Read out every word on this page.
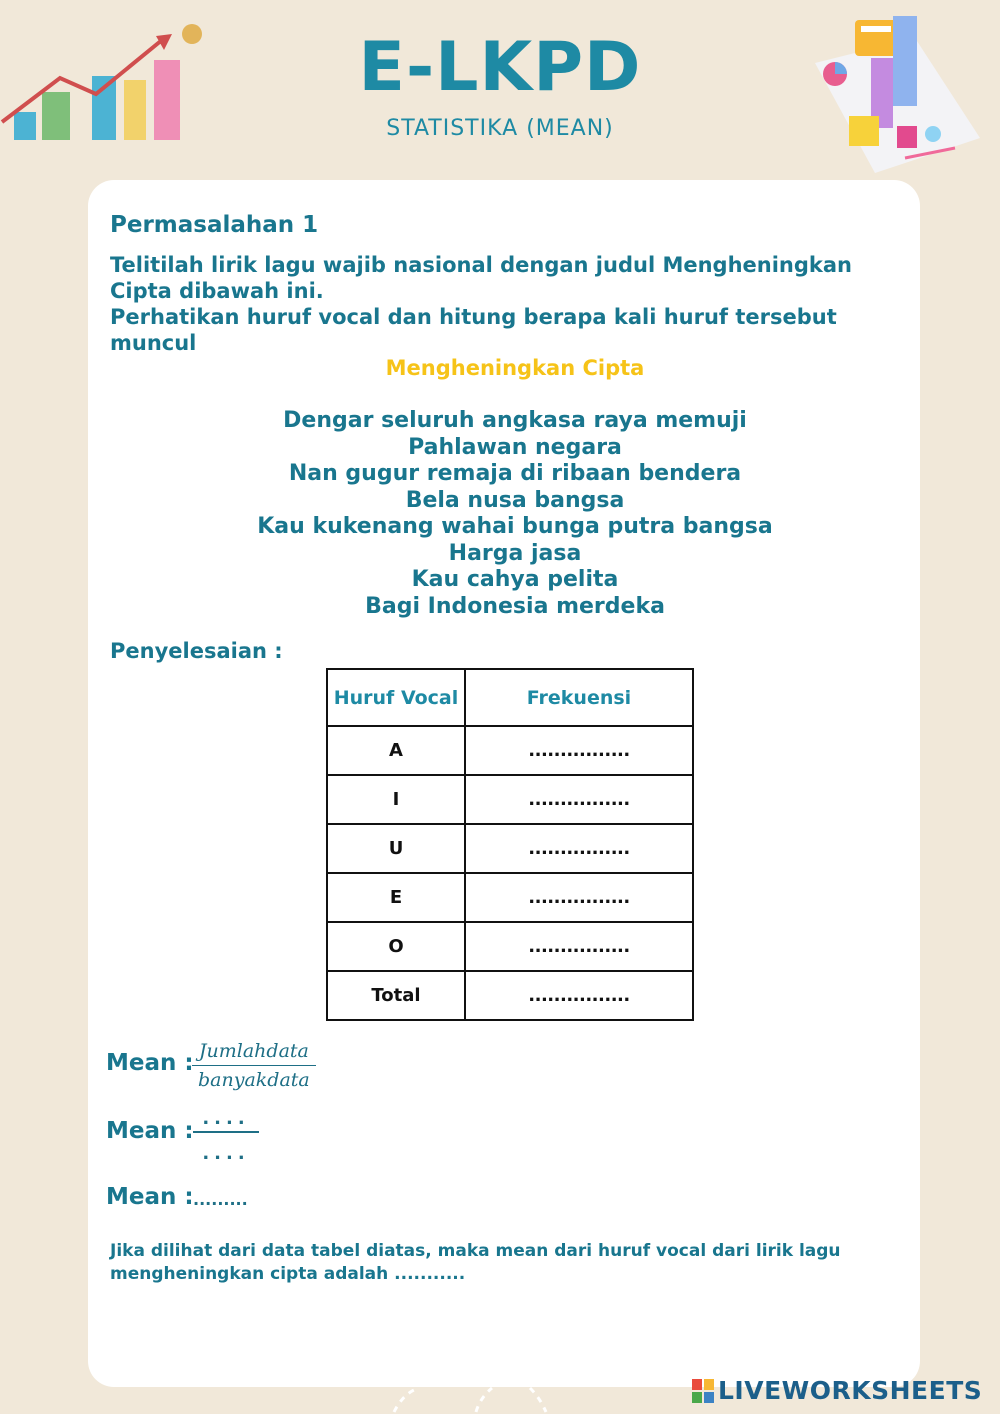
E-LKPD
STATISTIKA (MEAN)
Permasalahan 1
Telitilah lirik lagu wajib nasional dengan judul Mengheningkan Cipta dibawah ini.
Perhatikan huruf vocal dan hitung berapa kali huruf tersebut muncul
Mengheningkan Cipta
Dengar seluruh angkasa raya memuji
Pahlawan negara
Nan gugur remaja di ribaan bendera
Bela nusa bangsa
Kau kukenang wahai bunga putra bangsa
Harga jasa
Kau cahya pelita
Bagi Indonesia merdeka
Penyelesaian :
Huruf Vocal	Frekuensi
A	................
I	................
U	................
E	................
O	................
Total	................
Mean : Jumlahdata
banyakdata
Mean : ....
....
Mean : .........
Jika dilihat dari data tabel diatas, maka mean dari huruf vocal dari lirik lagu
mengheningkan cipta adalah ...........
LIVEWORKSHEETS
